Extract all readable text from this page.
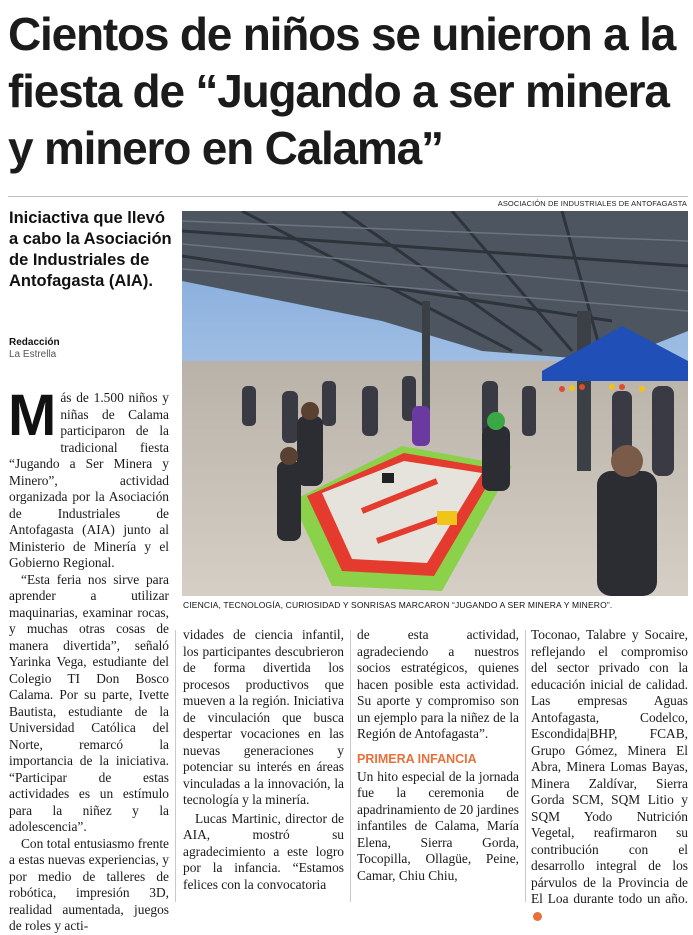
Cientos de niños se unieron a la fiesta de “Jugando a ser minera y minero en Calama”
ASOCIACIÓN DE INDUSTRIALES DE ANTOFAGASTA

Iniciactiva que llevó a cabo la Asociación de Industriales de Antofagasta (AIA).

Redacción
La Estrella
CIENCIA, TECNOLOGÍA, CURIOSIDAD Y SONRISAS MARCARON “JUGANDO A SER MINERA Y MINERO”.

Más de 1.500 niños y niñas de Calama participaron de la tradicional fiesta “Jugando a Ser Minera y Minero”, actividad organizada por la Asociación de Industriales de Antofagasta (AIA) junto al Ministerio de Minería y el Gobierno Regional.

“Esta feria nos sirve para aprender a utilizar maquinarias, examinar rocas, y muchas otras cosas de manera divertida”, señaló Yarinka Vega, estudiante del Colegio TI Don Bosco Calama. Por su parte, Ivette Bautista, estudiante de la Universidad Católica del Norte, remarcó la importancia de la iniciativa. “Participar de estas actividades es un estímulo para la niñez y la adolescencia”.

Con total entusiasmo frente a estas nuevas experiencias, y por medio de talleres de robótica, impresión 3D, realidad aumentada, juegos de roles y acti-

vidades de ciencia infantil, los participantes descubrieron de forma divertida los procesos productivos que mueven a la región. Iniciativa de vinculación que busca despertar vocaciones en las nuevas generaciones y potenciar su interés en áreas vinculadas a la innovación, la tecnología y la minería.

Lucas Martinic, director de AIA, mostró su agradecimiento a este logro por la infancia. “Estamos felices con la convocatoria

de esta actividad, agradeciendo a nuestros socios estratégicos, quienes hacen posible esta actividad. Su aporte y compromiso son un ejemplo para la niñez de la Región de Antofagasta”.

PRIMERA INFANCIA

Un hito especial de la jornada fue la ceremonia de apadrinamiento de 20 jardines infantiles de Calama, María Elena, Sierra Gorda, Tocopilla, Ollagüe, Peine, Camar, Chiu Chiu,

Toconao, Talabre y Socaire, reflejando el compromiso del sector privado con la educación inicial de calidad. Las empresas Aguas Antofagasta, Codelco, Escondida|BHP, FCAB, Grupo Gómez, Minera El Abra, Minera Lomas Bayas, Minera Zaldívar, Sierra Gorda SCM, SQM Litio y SQM Yodo Nutrición Vegetal, reafirmaron su contribución con el desarrollo integral de los párvulos de la Provincia de El Loa durante todo un año.
